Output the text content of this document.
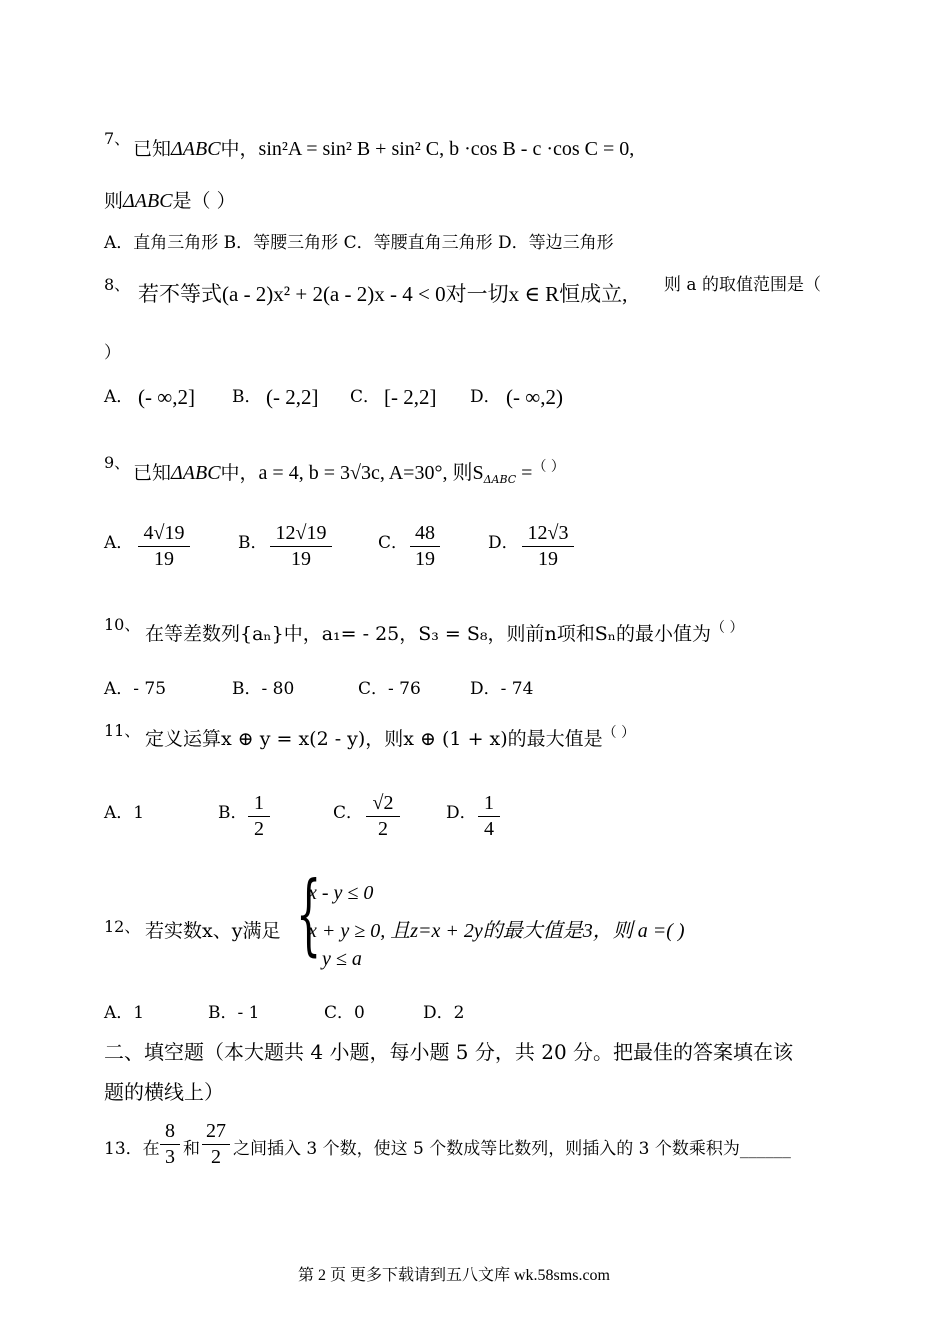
7、 已知ΔABC中，sin²A = sin² B + sin² C, b ·cos B - c ·cos C = 0,
则ΔABC是（ ）
A．直角三角形 B．等腰三角形 C．等腰直角三角形 D．等边三角形
8、 若不等式(a - 2)x² + 2(a - 2)x - 4 < 0对一切x ∈ R恒成立, 则 a 的取值范围是（
）
A． (- ∞,2] B． (- 2,2] C． [- 2,2] D． (- ∞,2)
9、 已知ΔABC中，a = 4, b = 3√3c, A=30°, 则$S_{\Delta ABC} =^{( )}$
A． 4√19
19
B． 12√19
19
C． 48
19
D． 12√3
19
10、 在等差数列{aₙ}中，a₁= - 25，S₃ = S₈，则前n项和Sₙ的最小值为（ ）
A．- 75	B．- 80	C．- 76	D．- 74
11、 定义运算x ⊕ y = x(2 - y)，则x ⊕ (1 + x)的最大值是（ ）
A．1	B． 1
2
C． √2
2
D． 1
4
12、 若实数x、y满足 {
x - y ≤ 0
x + y ≥ 0, 且z=x + 2y的最大值是3，则 a =( )
y ≤ a
A．1	B．- 1	C．0	D．2
二、填空题（本大题共 4 小题，每小题 5 分，共 20 分。把最佳的答案填在该
题的横线上）
13．在
8
3 和
27
2 之间插入 3 个数，使这 5 个数成等比数列，则插入的 3 个数乘积为______
第 2 页 更多下载请到五八文库 wk.58sms.com
